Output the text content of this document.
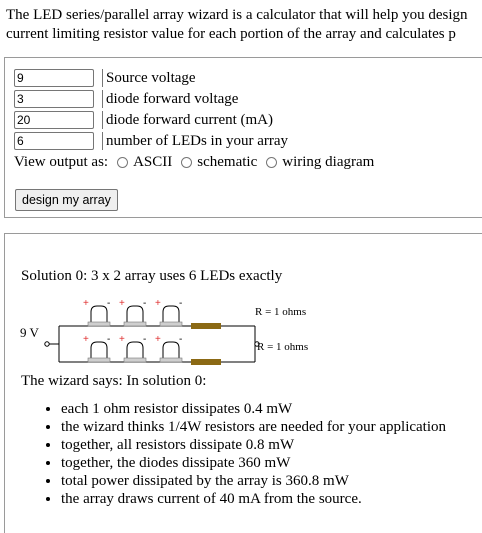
The LED series/parallel array wizard is a calculator that will help you design
current limiting resistor value for each portion of the array and calculates p
9
Source voltage
3
diode forward voltage
20
diode forward current (mA)
6
number of LEDs in your array
View output as: ASCII schematic wiring diagram
design my array
Solution 0: 3 x 2 array uses 6 LEDs exactly
9 V
R = 1 ohms
R = 1 ohms
+ - + - + -
+ - + - + -
The wizard says: In solution 0:
• each 1 ohm resistor dissipates 0.4 mW
• the wizard thinks 1/4W resistors are needed for your application
• together, all resistors dissipate 0.8 mW
• together, the diodes dissipate 360 mW
• total power dissipated by the array is 360.8 mW
• the array draws current of 40 mA from the source.
